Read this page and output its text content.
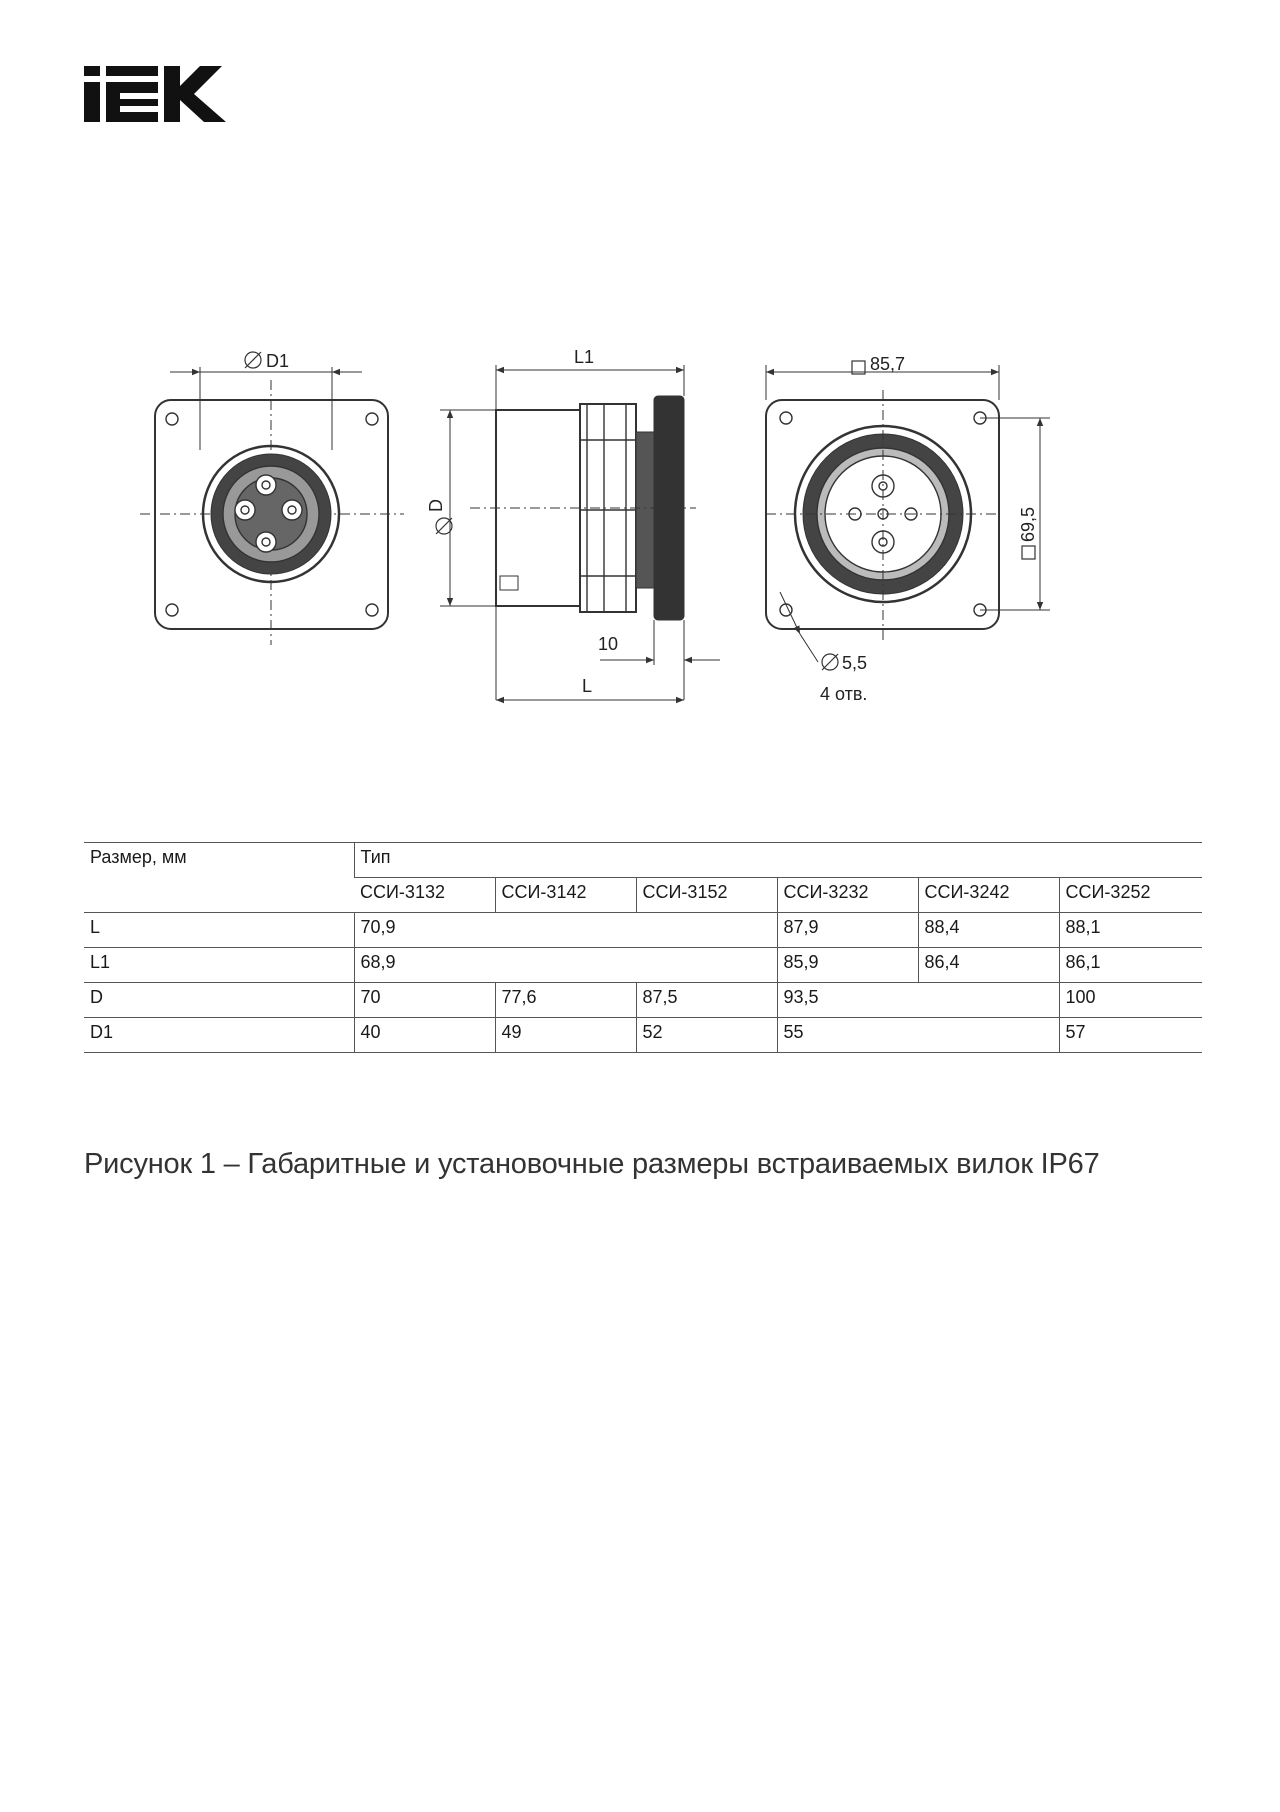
D1	L1
D
10
L
85,7
69,5
5,5
4 отв.
Размер, мм	Тип					
	ССИ-3132	ССИ-3142	ССИ-3152	ССИ-3232	ССИ-3242	ССИ-3252
L	70,9			87,9	88,4	88,1
L1	68,9			85,9	86,4	86,1
D	70	77,6	87,5	93,5		100
D1	40	49	52	55		57
Рисунок 1 – Габаритные и установочные размеры встраиваемых вилок IP67
